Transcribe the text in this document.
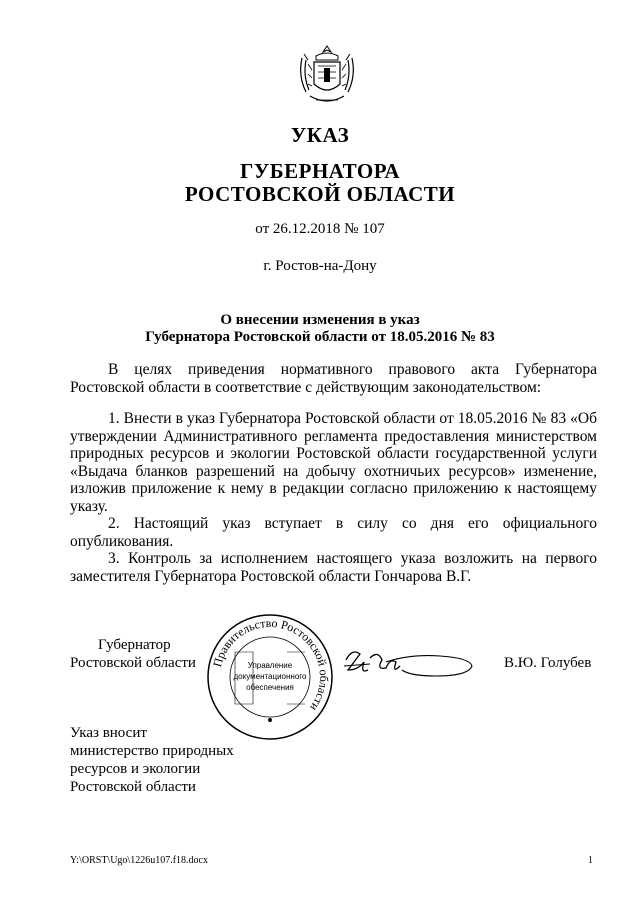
УКАЗ
ГУБЕРНАТОРА
РОСТОВСКОЙ ОБЛАСТИ
от 26.12.2018 № 107
г. Ростов-на-Дону
О внесении изменения в указ
Губернатора Ростовской области от 18.05.2016 № 83

В целях приведения нормативного правового акта Губернатора Ростовской области в соответствие с действующим законодательством:

1. Внести в указ Губернатора Ростовской области от 18.05.2016 № 83 «Об утверждении Административного регламента предоставления министерством природных ресурсов и экологии Ростовской области государственной услуги «Выдача бланков разрешений на добычу охотничьих ресурсов» изменение, изложив приложение к нему в редакции согласно приложению к настоящему указу.

2. Настоящий указ вступает в силу со дня его официального опубликования.

3. Контроль за исполнением настоящего указа возложить на первого заместителя Губернатора Ростовской области Гончарова В.Г.

Губернатор
Ростовской области	В.Ю. Голубев
Правительство Ростовской области
Управление
документационного
обеспечения
Указ вносит
министерство природных
ресурсов и экологии
Ростовской области
Y:\ORST\Ugo\1226u107.f18.docx	1
